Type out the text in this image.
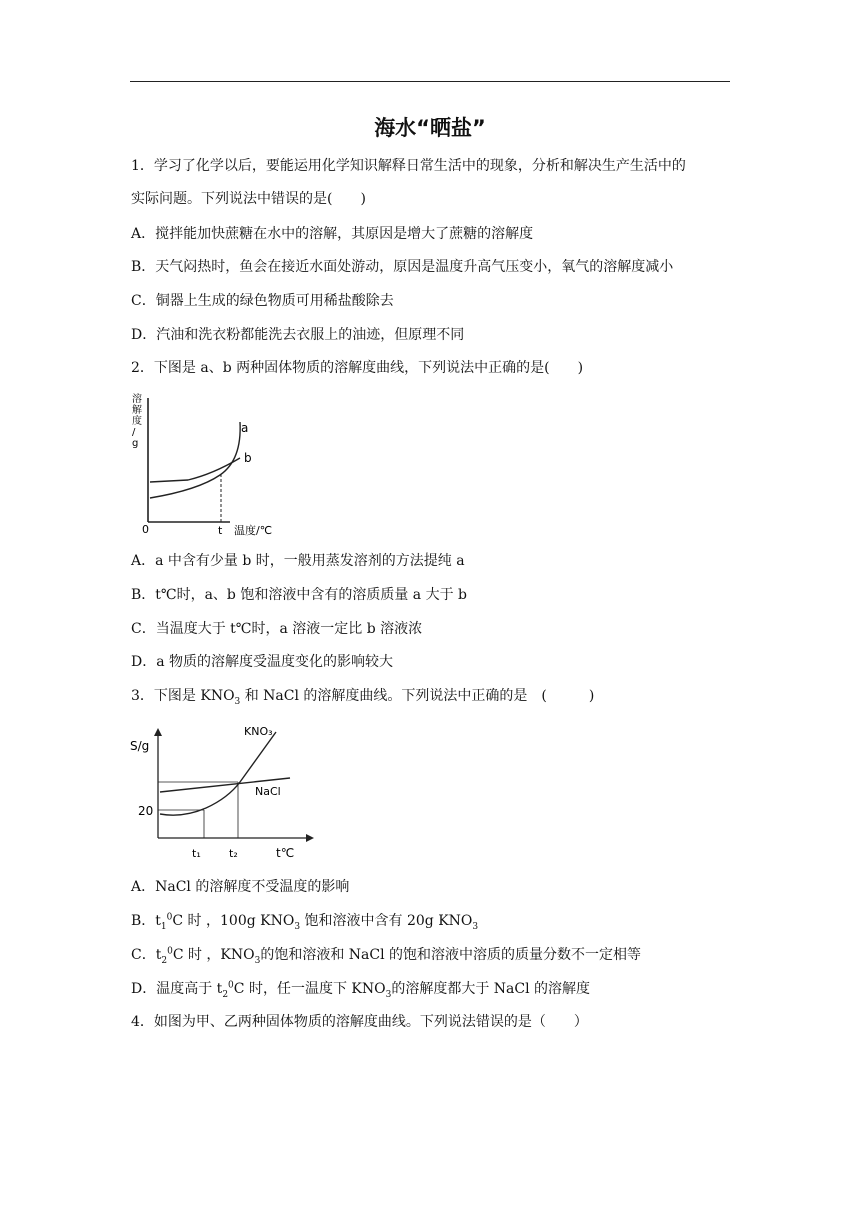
海水“晒盐”
1．学习了化学以后，要能运用化学知识解释日常生活中的现象，分析和解决生产生活中的
实际问题。下列说法中错误的是(　　)
A．搅拌能加快蔗糖在水中的溶解，其原因是增大了蔗糖的溶解度
B．天气闷热时，鱼会在接近水面处游动，原因是温度升高气压变小，氧气的溶解度减小
C．铜器上生成的绿色物质可用稀盐酸除去
D．汽油和洗衣粉都能洗去衣服上的油迹，但原理不同
2．下图是 a、b 两种固体物质的溶解度曲线，下列说法中正确的是(　　)
溶解度/ g
a
b
0	t 温度/℃
A．a 中含有少量 b 时，一般用蒸发溶剂的方法提纯 a
B．t℃时，a、b 饱和溶液中含有的溶质质量 a 大于 b
C．当温度大于 t℃时，a 溶液一定比 b 溶液浓
D．a 物质的溶解度受温度变化的影响较大
3．下图是 $KNO_3$ 和 NaCl 的溶解度曲线。下列说法中正确的是　(　　　)
S/g
20
t₁	t₂	t℃
KNO₃
NaCl
A．NaCl 的溶解度不受温度的影响
B．$t_1^0C$ 时 ，100g $KNO_3$ 饱和溶液中含有 20g $KNO_3$
C．$t_2^0C$ 时 ，$KNO_3$的饱和溶液和 NaCl 的饱和溶液中溶质的质量分数不一定相等
D．温度高于 $t_2^0C$ 时，任一温度下 $KNO_3$的溶解度都大于 NaCl 的溶解度
4．如图为甲、乙两种固体物质的溶解度曲线。下列说法错误的是（　　）
